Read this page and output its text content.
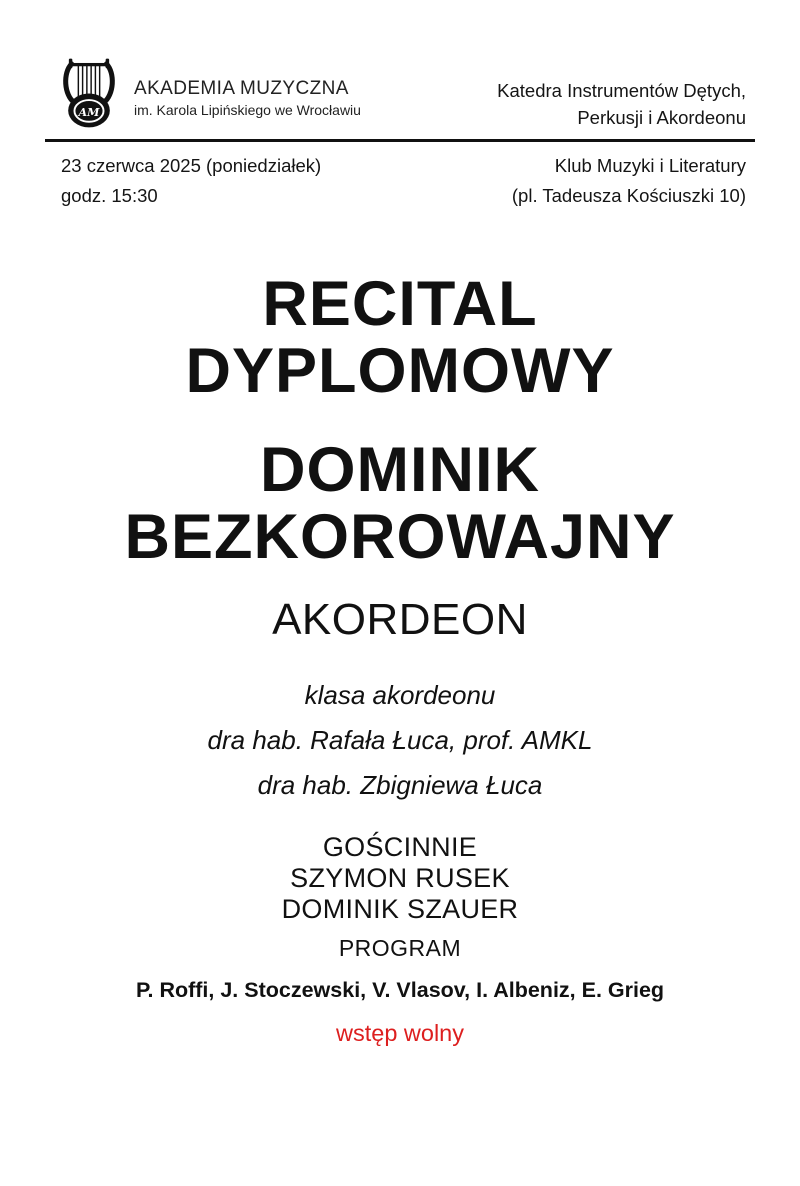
AM
AKADEMIA MUZYCZNA
im. Karola Lipińskiego we Wrocławiu
Katedra Instrumentów Dętych,
Perkusji i Akordeonu
23 czerwca 2025 (poniedziałek)
godz. 15:30
Klub Muzyki i Literatury
(pl. Tadeusza Kościuszki 10)
RECITAL
DYPLOMOWY
DOMINIK
BEZKOROWAJNY
AKORDEON
klasa akordeonu
dra hab. Rafała Łuca, prof. AMKL
dra hab. Zbigniewa Łuca
GOŚCINNIE
SZYMON RUSEK
DOMINIK SZAUER
PROGRAM
P. Roffi, J. Stoczewski, V. Vlasov, I. Albeniz, E. Grieg
wstęp wolny
